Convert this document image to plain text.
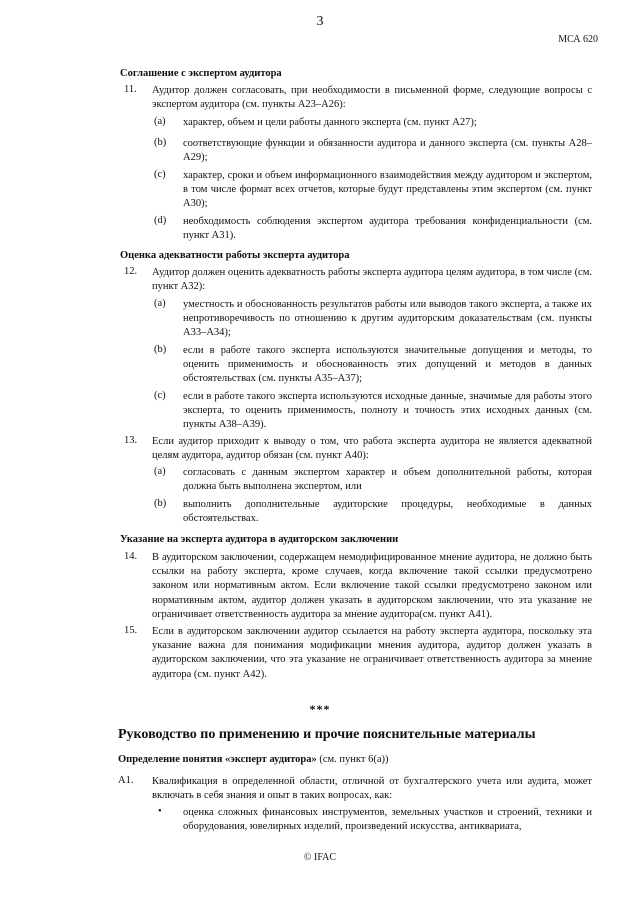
3
МСА 620
Соглашение с экспертом аудитора
11. Аудитор должен согласовать, при необходимости в письменной форме, следующие вопросы с экспертом аудитора (см. пункты А23–А26):
(a) характер, объем и цели работы данного эксперта (см. пункт А27);
(b) соответствующие функции и обязанности аудитора и данного эксперта (см. пункты А28–А29);
(c) характер, сроки и объем информационного взаимодействия между аудитором и экспертом, в том числе формат всех отчетов, которые будут представлены этим экспертом (см. пункт А30);
(d) необходимость соблюдения экспертом аудитора требования конфиденциальности (см. пункт А31).
Оценка адекватности работы эксперта аудитора
12. Аудитор должен оценить адекватность работы эксперта аудитора целям аудитора, в том числе (см. пункт А32):
(a) уместность и обоснованность результатов работы или выводов такого эксперта, а также их непротиворечивость по отношению к другим аудиторским доказательствам (см. пункты А33–А34);
(b) если в работе такого эксперта используются значительные допущения и методы, то оценить применимость и обоснованность этих допущений и методов в данных обстоятельствах (см. пункты А35–А37);
(c) если в работе такого эксперта используются исходные данные, значимые для работы этого эксперта, то оценить применимость, полноту и точность этих исходных данных (см. пункты А38–А39).
13. Если аудитор приходит к выводу о том, что работа эксперта аудитора не является адекватной целям аудитора, аудитор обязан (см. пункт А40):
(a) согласовать с данным экспертом характер и объем дополнительной работы, которая должна быть выполнена экспертом, или
(b) выполнить дополнительные аудиторские процедуры, необходимые в данных обстоятельствах.
Указание на эксперта аудитора в аудиторском заключении
14. В аудиторском заключении, содержащем немодифицированное мнение аудитора, не должно быть ссылки на работу эксперта, кроме случаев, когда включение такой ссылки предусмотрено законом или нормативным актом. Если включение такой ссылки предусмотрено законом или нормативным актом, аудитор должен указать в аудиторском заключении, что эта указание не ограничивает ответственность аудитора за мнение аудитора(см. пункт А41).
15. Если в аудиторском заключении аудитор ссылается на работу эксперта аудитора, поскольку эта указание важна для понимания модификации мнения аудитора, аудитор должен указать в аудиторском заключении, что эта указание не ограничивает ответственность аудитора за мнение аудитора (см. пункт А42).
***
Руководство по применению и прочие пояснительные материалы
Определение понятия «эксперт аудитора» (см. пункт 6(а))
А1. Квалификация в определенной области, отличной от бухгалтерского учета или аудита, может включать в себя знания и опыт в таких вопросах, как:
• оценка сложных финансовых инструментов, земельных участков и строений, техники и оборудования, ювелирных изделий, произведений искусства, антиквариата,
© IFAC
